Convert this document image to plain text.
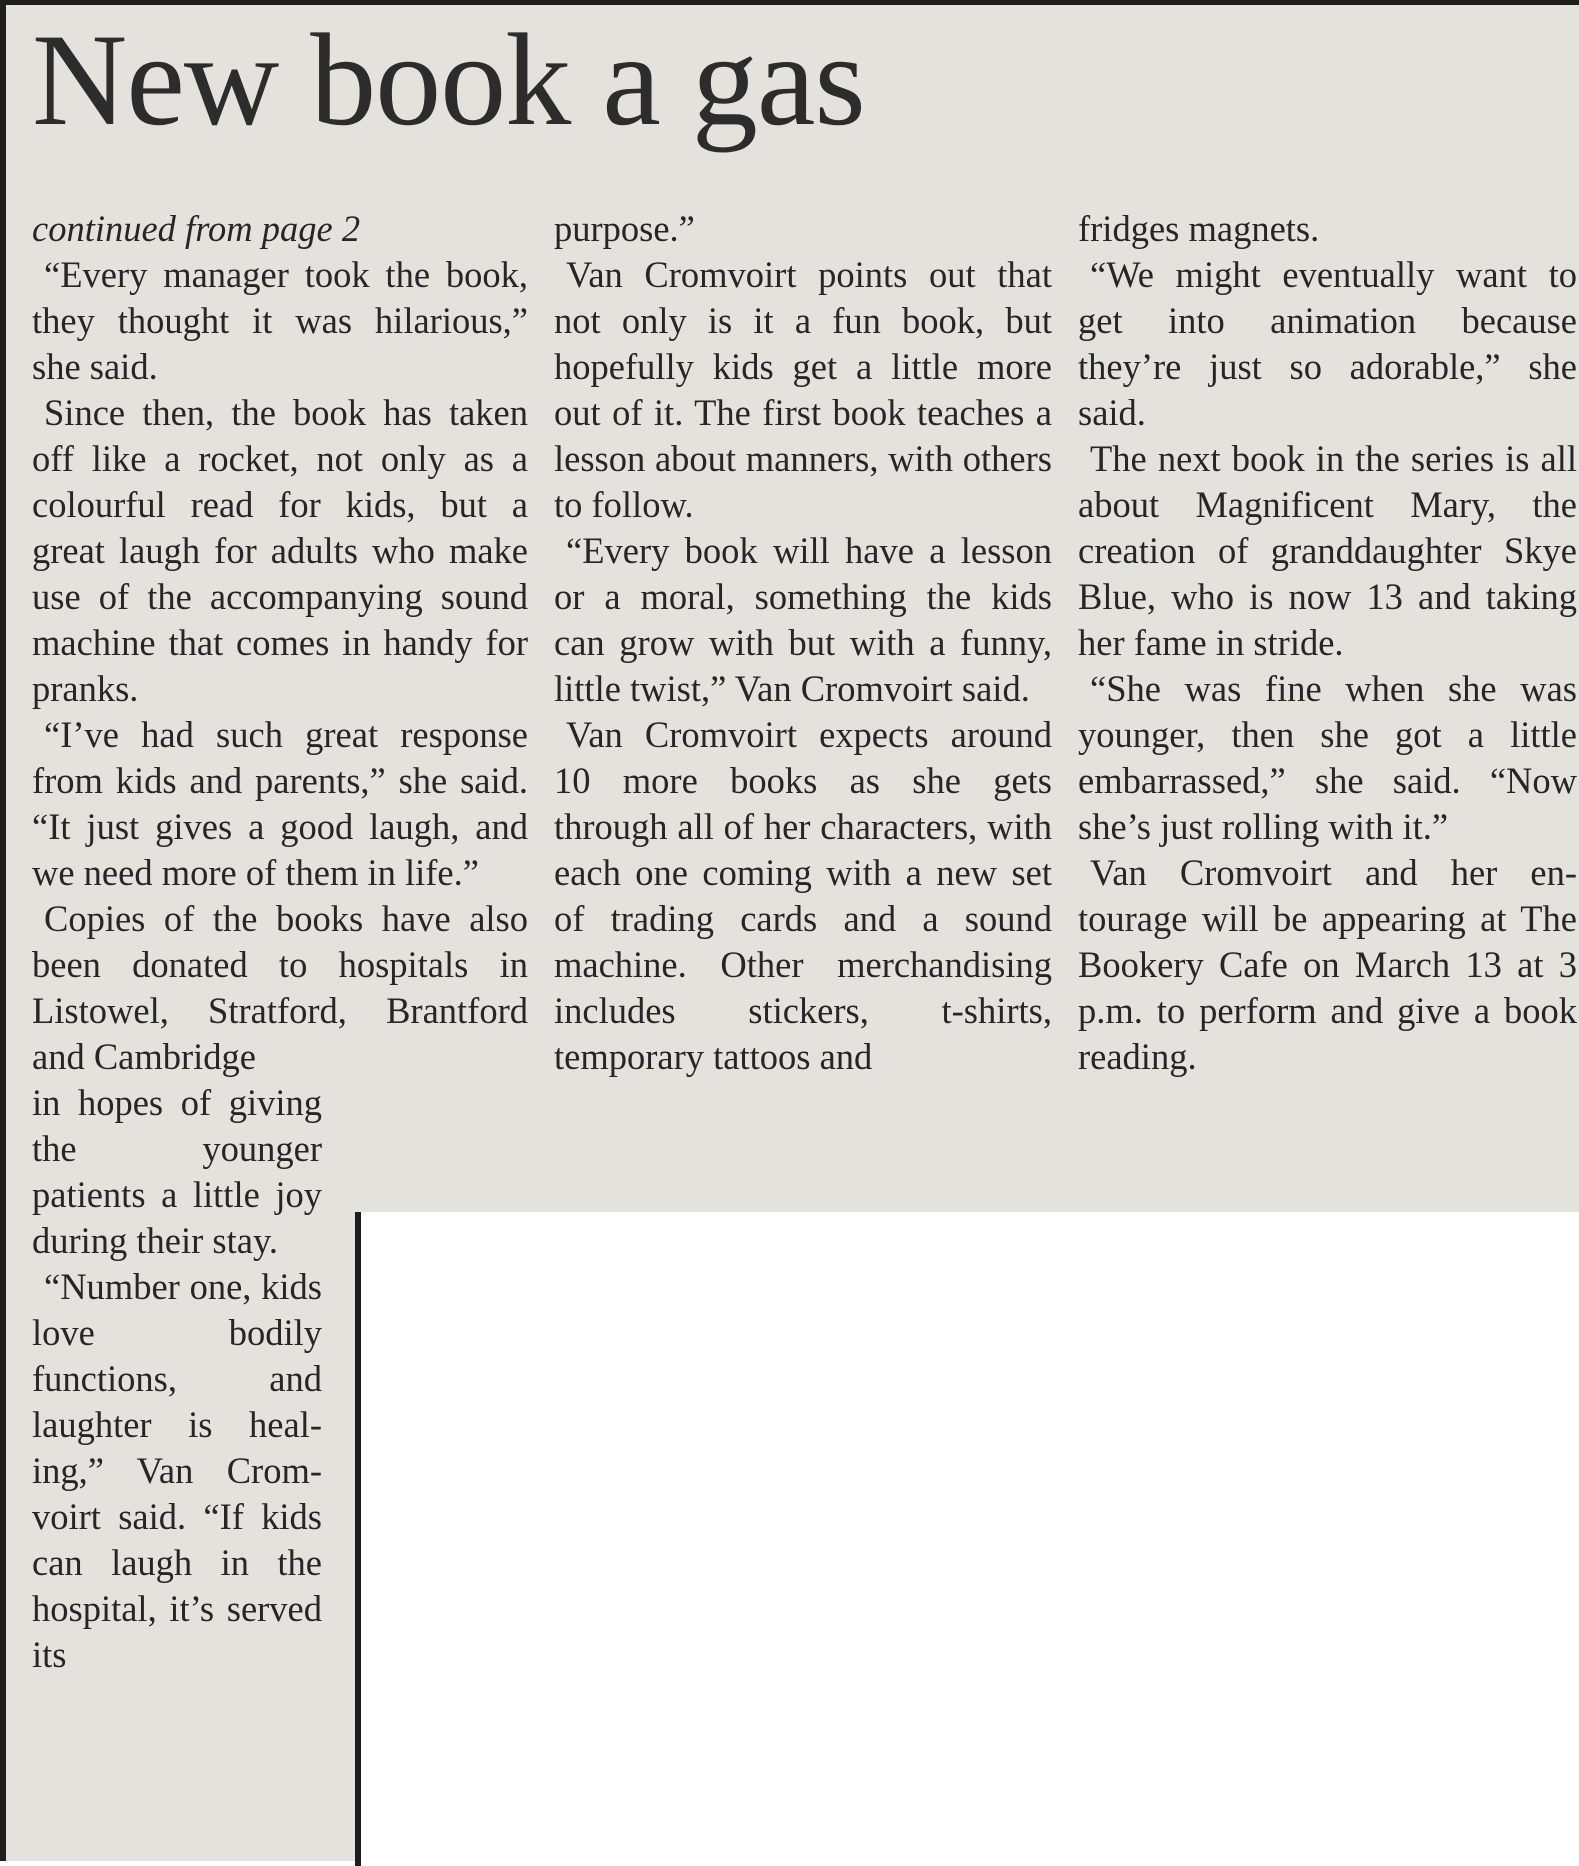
New book a gas

continued from page 2

“Every manager took the book, they thought it was hilarious,” she said.

Since then, the book has taken off like a rocket, not only as a colourful read for kids, but a great laugh for adults who make use of the accompanying sound machine that comes in handy for pranks.

“I’ve had such great response from kids and parents,” she said. “It just gives a good laugh, and we need more of them in life.”

Copies of the books have also been donated to hospitals in Listowel, Stratford, Brantford and Cambridge

in hopes of giving the younger patients a little joy during their stay.

“Number one, kids love bodily functions, and laughter is healing,” Van Cromvoirt said. “If kids can laugh in the hospital, it’s served its

purpose.”

Van Cromvoirt points out that not only is it a fun book, but hopefully kids get a little more out of it. The first book teaches a lesson about manners, with others to follow.

“Every book will have a lesson or a moral, something the kids can grow with but with a funny, little twist,” Van Cromvoirt said.

Van Cromvoirt expects around 10 more books as she gets through all of her characters, with each one coming with a new set of trading cards and a sound machine. Other merchandising includes stickers, t-shirts, temporary tattoos and

fridges magnets.

“We might eventually want to get into animation because they’re just so adorable,” she said.

The next book in the series is all about Magnificent Mary, the creation of granddaughter Skye Blue, who is now 13 and taking her fame in stride.

“She was fine when she was younger, then she got a little embarrassed,” she said. “Now she’s just rolling with it.”

Van Cromvoirt and her entourage will be appearing at The Bookery Cafe on March 13 at 3 p.m. to perform and give a book reading.
